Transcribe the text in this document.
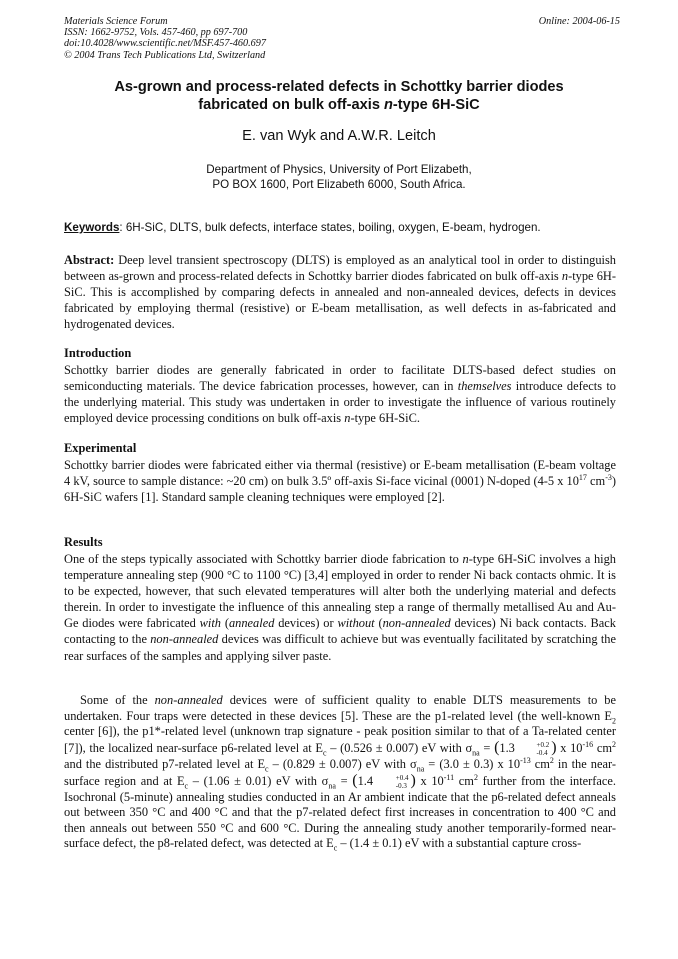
Materials Science Forum
ISSN: 1662-9752, Vols. 457-460, pp 697-700
doi:10.4028/www.scientific.net/MSF.457-460.697
© 2004 Trans Tech Publications Ltd, Switzerland
Online: 2004-06-15
As-grown and process-related defects in Schottky barrier diodes
fabricated on bulk off-axis n-type 6H-SiC
E. van Wyk and A.W.R. Leitch
Department of Physics, University of Port Elizabeth,
PO BOX 1600, Port Elizabeth 6000, South Africa.
Keywords: 6H-SiC, DLTS, bulk defects, interface states, boiling, oxygen, E-beam, hydrogen.
Abstract: Deep level transient spectroscopy (DLTS) is employed as an analytical tool in order to distinguish between as-grown and process-related defects in Schottky barrier diodes fabricated on bulk off-axis n-type 6H-SiC. This is accomplished by comparing defects in annealed and non-annealed devices, defects in devices fabricated by employing thermal (resistive) or E-beam metallisation, as well defects in as-fabricated and hydrogenated devices.
Introduction
Schottky barrier diodes are generally fabricated in order to facilitate DLTS-based defect studies on semiconducting materials. The device fabrication processes, however, can in themselves introduce defects to the underlying material. This study was undertaken in order to investigate the influence of various routinely employed device processing conditions on bulk off-axis n-type 6H-SiC.
Experimental
Schottky barrier diodes were fabricated either via thermal (resistive) or E-beam metallisation (E-beam voltage 4 kV, source to sample distance: ~20 cm) on bulk 3.5º off-axis Si-face vicinal (0001) N-doped (4-5 x $10^{17}$ $cm^{-3}$) 6H-SiC wafers [1]. Standard sample cleaning techniques were employed [2].
Results
One of the steps typically associated with Schottky barrier diode fabrication to n-type 6H-SiC involves a high temperature annealing step (900 °C to 1100 °C) [3,4] employed in order to render Ni back contacts ohmic. It is to be expected, however, that such elevated temperatures will alter both the underlying material and defects therein. In order to investigate the influence of this annealing step a range of thermally metallised Au and Au-Ge diodes were fabricated with (annealed devices) or without (non-annealed devices) Ni back contacts. Back contacting to the non-annealed devices was difficult to achieve but was eventually facilitated by scratching the rear surfaces of the samples and applying silver paste.
Some of the non-annealed devices were of sufficient quality to enable DLTS measurements to be undertaken. Four traps were detected in these devices [5]. These are the p1-related level (the well-known $E_2$ center [6]), the p1*-related level (unknown trap signature - peak position similar to that of a Ta-related center [7]), the localized near-surface p6-related level at $E_c - (0.526 \pm 0.007)$ eV with $\sigma_{na} = (1.3$	+0.2
-0.4 ) x $10^{-16}$ $cm^2$ and the distributed p7-related level at $E_c - (0.829 \pm 0.007)$ eV with $\sigma_{na} = (3.0 \pm 0.3)$ x $10^{-13}$ $cm^2$ in the near-surface region and at $E_c - (1.06 \pm 0.01)$ eV with $\sigma_{na} = (1.4$	+0.4
-0.3 ) x $10^{-11}$ $cm^2$ further from the interface. Isochronal (5-minute) annealing studies conducted in an Ar ambient indicate that the p6-related defect anneals out between 350 °C and 400 °C and that the p7-related defect first increases in concentration to 400 °C and then anneals out between 550 °C and 600 °C. During the annealing study another temporarily-formed near-surface defect, the p8-related defect, was detected at $E_c - (1.4 \pm 0.1)$ eV with a substantial capture cross-
